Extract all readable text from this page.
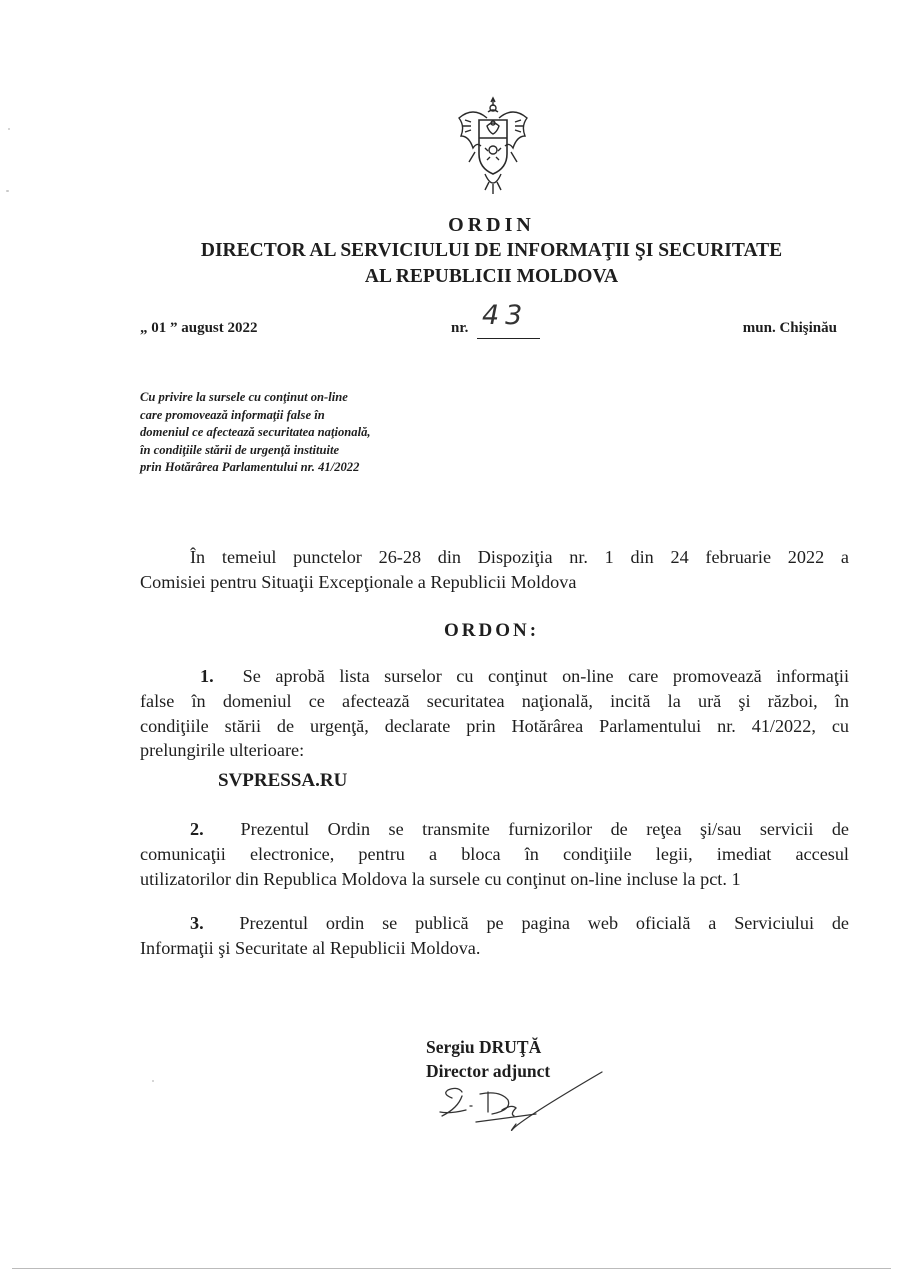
ORDIN
DIRECTOR AL SERVICIULUI DE INFORMAŢII ŞI SECURITATE
AL REPUBLICII MOLDOVA
„ 01 ” august 2022	nr. 43	mun. Chişinău
Cu privire la sursele cu conţinut on-line
care promovează informaţii false în
domeniul ce afectează securitatea naţională,
în condiţiile stării de urgenţă instituite
prin Hotărârea Parlamentului nr. 41/2022
În temeiul punctelor 26-28 din Dispoziţia nr. 1 din 24 februarie 2022 a
Comisiei pentru Situaţii Excepţionale a Republicii Moldova
ORDON:
1. Se aprobă lista surselor cu conţinut on-line care promovează informaţii
false în domeniul ce afectează securitatea naţională, incită la ură şi război, în
condiţiile stării de urgenţă, declarate prin Hotărârea Parlamentului nr. 41/2022, cu
prelungirile ulterioare:
SVPRESSA.RU
2. Prezentul Ordin se transmite furnizorilor de reţea şi/sau servicii de
comunicaţii electronice, pentru a bloca în condiţiile legii, imediat accesul
utilizatorilor din Republica Moldova la sursele cu conţinut on-line incluse la pct. 1
3. Prezentul ordin se publică pe pagina web oficială a Serviciului de
Informaţii şi Securitate al Republicii Moldova.
Sergiu DRUŢĂ
Director adjunct
